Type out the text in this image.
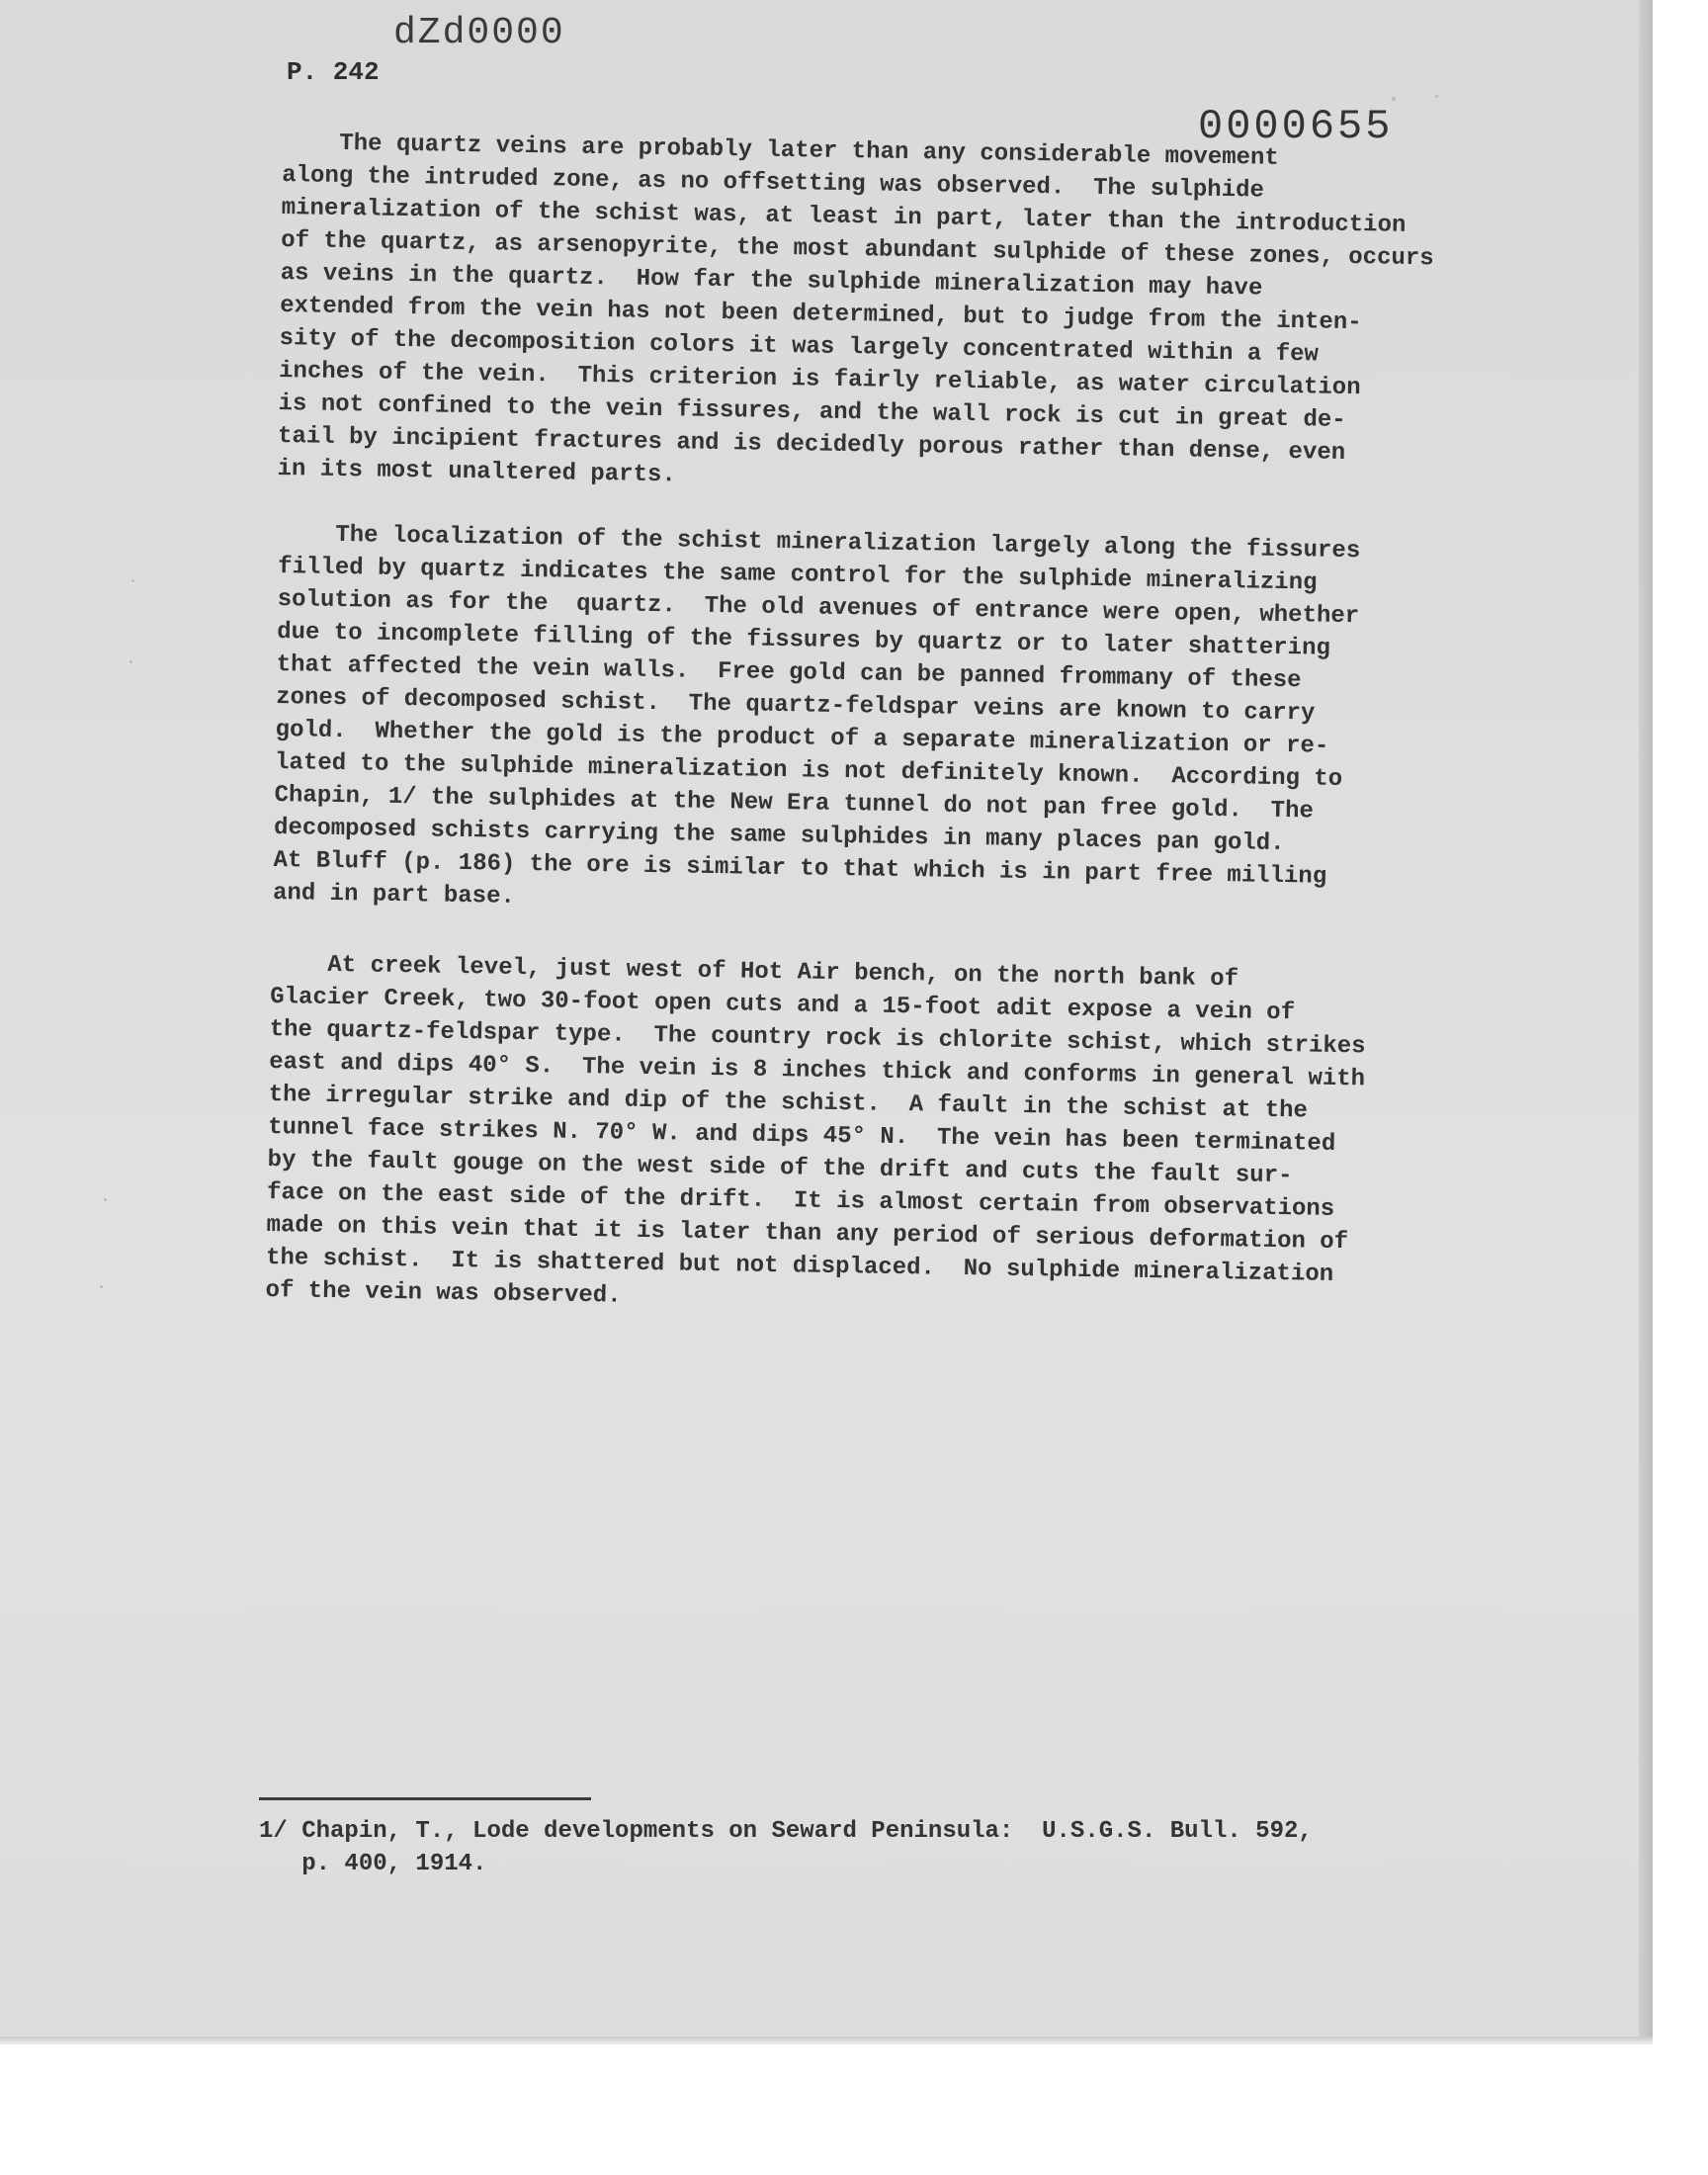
·
·
·
·
dZd0000
P. 242
0000655

The quartz veins are probably later than any considerable movement
along the intruded zone, as no offsetting was observed.  The sulphide
mineralization of the schist was, at least in part, later than the introduction
of the quartz, as arsenopyrite, the most abundant sulphide of these zones, occurs
as veins in the quartz.  How far the sulphide mineralization may have
extended from the vein has not been determined, but to judge from the inten-
sity of the decomposition colors it was largely concentrated within a few
inches of the vein.  This criterion is fairly reliable, as water circulation
is not confined to the vein fissures, and the wall rock is cut in great de-
tail by incipient fractures and is decidedly porous rather than dense, even
in its most unaltered parts.

The localization of the schist mineralization largely along the fissures
filled by quartz indicates the same control for the sulphide mineralizing
solution as for the  quartz.  The old avenues of entrance were open, whether
due to incomplete filling of the fissures by quartz or to later shattering
that affected the vein walls.  Free gold can be panned frommany of these
zones of decomposed schist.  The quartz-feldspar veins are known to carry
gold.  Whether the gold is the product of a separate mineralization or re-
lated to the sulphide mineralization is not definitely known.  According to
Chapin, 1/ the sulphides at the New Era tunnel do not pan free gold.  The
decomposed schists carrying the same sulphides in many places pan gold.
At Bluff (p. 186) the ore is similar to that which is in part free milling
and in part base.

At creek level, just west of Hot Air bench, on the north bank of
Glacier Creek, two 30-foot open cuts and a 15-foot adit expose a vein of
the quartz-feldspar type.  The country rock is chlorite schist, which strikes
east and dips 40° S.  The vein is 8 inches thick and conforms in general with
the irregular strike and dip of the schist.  A fault in the schist at the
tunnel face strikes N. 70° W. and dips 45° N.  The vein has been terminated
by the fault gouge on the west side of the drift and cuts the fault sur-
face on the east side of the drift.  It is almost certain from observations
made on this vein that it is later than any period of serious deformation of
the schist.  It is shattered but not displaced.  No sulphide mineralization
of the vein was observed.

1/ Chapin, T., Lode developments on Seward Peninsula:  U.S.G.S. Bull. 592,
p. 400, 1914.
